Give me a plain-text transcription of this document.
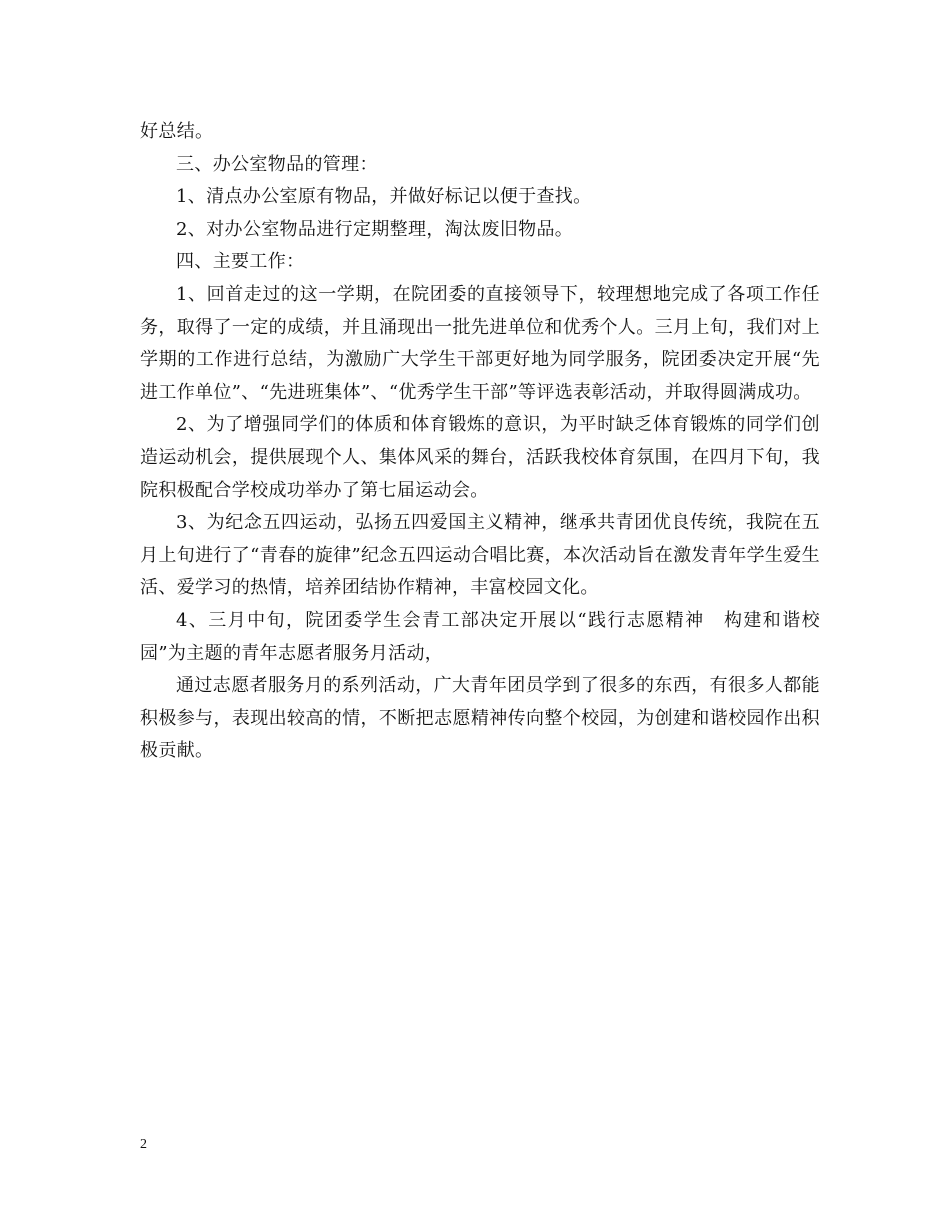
好总结。

三、办公室物品的管理：

1、清点办公室原有物品，并做好标记以便于查找。

2、对办公室物品进行定期整理，淘汰废旧物品。

四、主要工作：

1、回首走过的这一学期，在院团委的直接领导下，较理想地完成了各项工作任务，取得了一定的成绩，并且涌现出一批先进单位和优秀个人。三月上旬，我们对上学期的工作进行总结，为激励广大学生干部更好地为同学服务，院团委决定开展“先进工作单位”、“先进班集体”、“优秀学生干部”等评选表彰活动，并取得圆满成功。

2、为了增强同学们的体质和体育锻炼的意识，为平时缺乏体育锻炼的同学们创造运动机会，提供展现个人、集体风采的舞台，活跃我校体育氛围，在四月下旬，我院积极配合学校成功举办了第七届运动会。

3、为纪念五四运动，弘扬五四爱国主义精神，继承共青团优良传统，我院在五月上旬进行了“青春的旋律”纪念五四运动合唱比赛，本次活动旨在激发青年学生爱生活、爱学习的热情，培养团结协作精神，丰富校园文化。

4、三月中旬，院团委学生会青工部决定开展以“践行志愿精神　构建和谐校园”为主题的青年志愿者服务月活动，

通过志愿者服务月的系列活动，广大青年团员学到了很多的东西，有很多人都能积极参与，表现出较高的情，不断把志愿精神传向整个校园，为创建和谐校园作出积极贡献。

2
